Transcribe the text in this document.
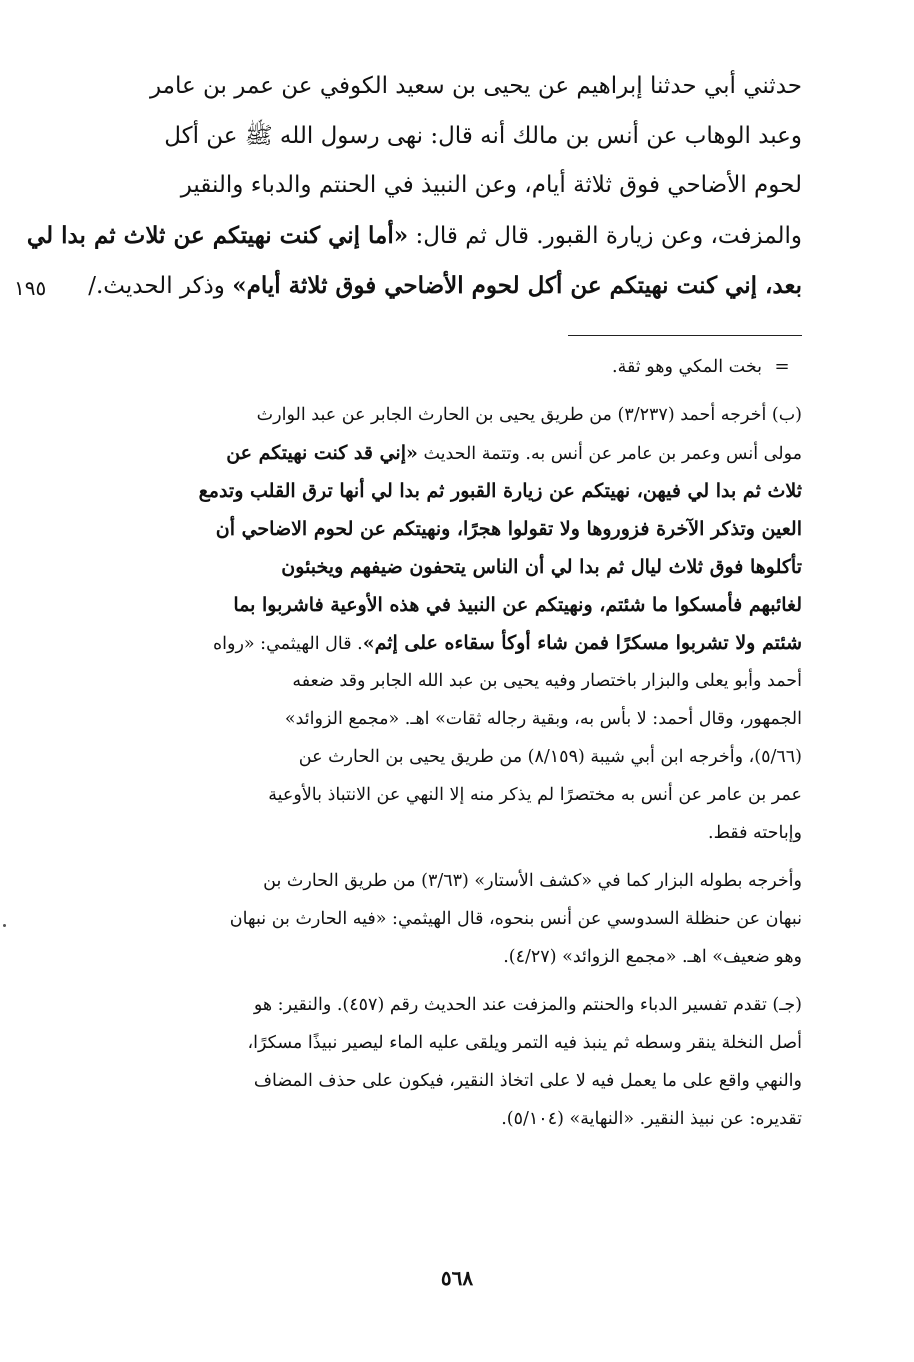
حدثني أبي حدثنا إبراهيم عن يحيى بن سعيد الكوفي عن عمر بن عامر
وعبد الوهاب عن أنس بن مالك أنه قال: نهى رسول الله ﷺ عن أكل
لحوم الأضاحي فوق ثلاثة أيام، وعن النبيذ في الحنتم والدباء والنقير
والمزفت، وعن زيارة القبور. قال ثم قال: «أما إني كنت نهيتكم عن ثلاث ثم بدا لي
بعد، إني كنت نهيتكم عن أكل لحوم الأضاحي فوق ثلاثة أيام» وذكر الحديث./
١٩٥
=
بخت المكي وهو ثقة.
(ب) أخرجه أحمد (٣/٢٣٧) من طريق يحيى بن الحارث الجابر عن عبد الوارث
مولى أنس وعمر بن عامر عن أنس به. وتتمة الحديث «إني قد كنت نهيتكم عن
ثلاث ثم بدا لي فيهن، نهيتكم عن زيارة القبور ثم بدا لي أنها ترق القلب وتدمع
العين وتذكر الآخرة فزوروها ولا تقولوا هجرًا، ونهيتكم عن لحوم الاضاحي أن
تأكلوها فوق ثلاث ليال ثم بدا لي أن الناس يتحفون ضيفهم ويخبئون
لغائبهم فأمسكوا ما شئتم، ونهيتكم عن النبيذ في هذه الأوعية فاشربوا بما
شئتم ولا تشربوا مسكرًا فمن شاء أوكأ سقاءه على إثم». قال الهيثمي: «رواه
أحمد وأبو يعلى والبزار باختصار وفيه يحيى بن عبد الله الجابر وقد ضعفه
الجمهور، وقال أحمد: لا بأس به، وبقية رجاله ثقات» اهـ. «مجمع الزوائد»
(٥/٦٦)، وأخرجه ابن أبي شيبة (٨/١٥٩) من طريق يحيى بن الحارث عن
عمر بن عامر عن أنس به مختصرًا لم يذكر منه إلا النهي عن الانتباذ بالأوعية
وإباحته فقط.
وأخرجه بطوله البزار كما في «كشف الأستار» (٣/٦٣) من طريق الحارث بن
نبهان عن حنظلة السدوسي عن أنس بنحوه، قال الهيثمي: «فيه الحارث بن نبهان
وهو ضعيف» اهـ. «مجمع الزوائد» (٤/٢٧).
(جـ) تقدم تفسير الدباء والحنتم والمزفت عند الحديث رقم (٤٥٧). والنقير: هو
أصل النخلة ينقر وسطه ثم ينبذ فيه التمر ويلقى عليه الماء ليصير نبيذًا مسكرًا،
والنهي واقع على ما يعمل فيه لا على اتخاذ النقير، فيكون على حذف المضاف
تقديره: عن نبيذ النقير. «النهاية» (٥/١٠٤).
٥٦٨
